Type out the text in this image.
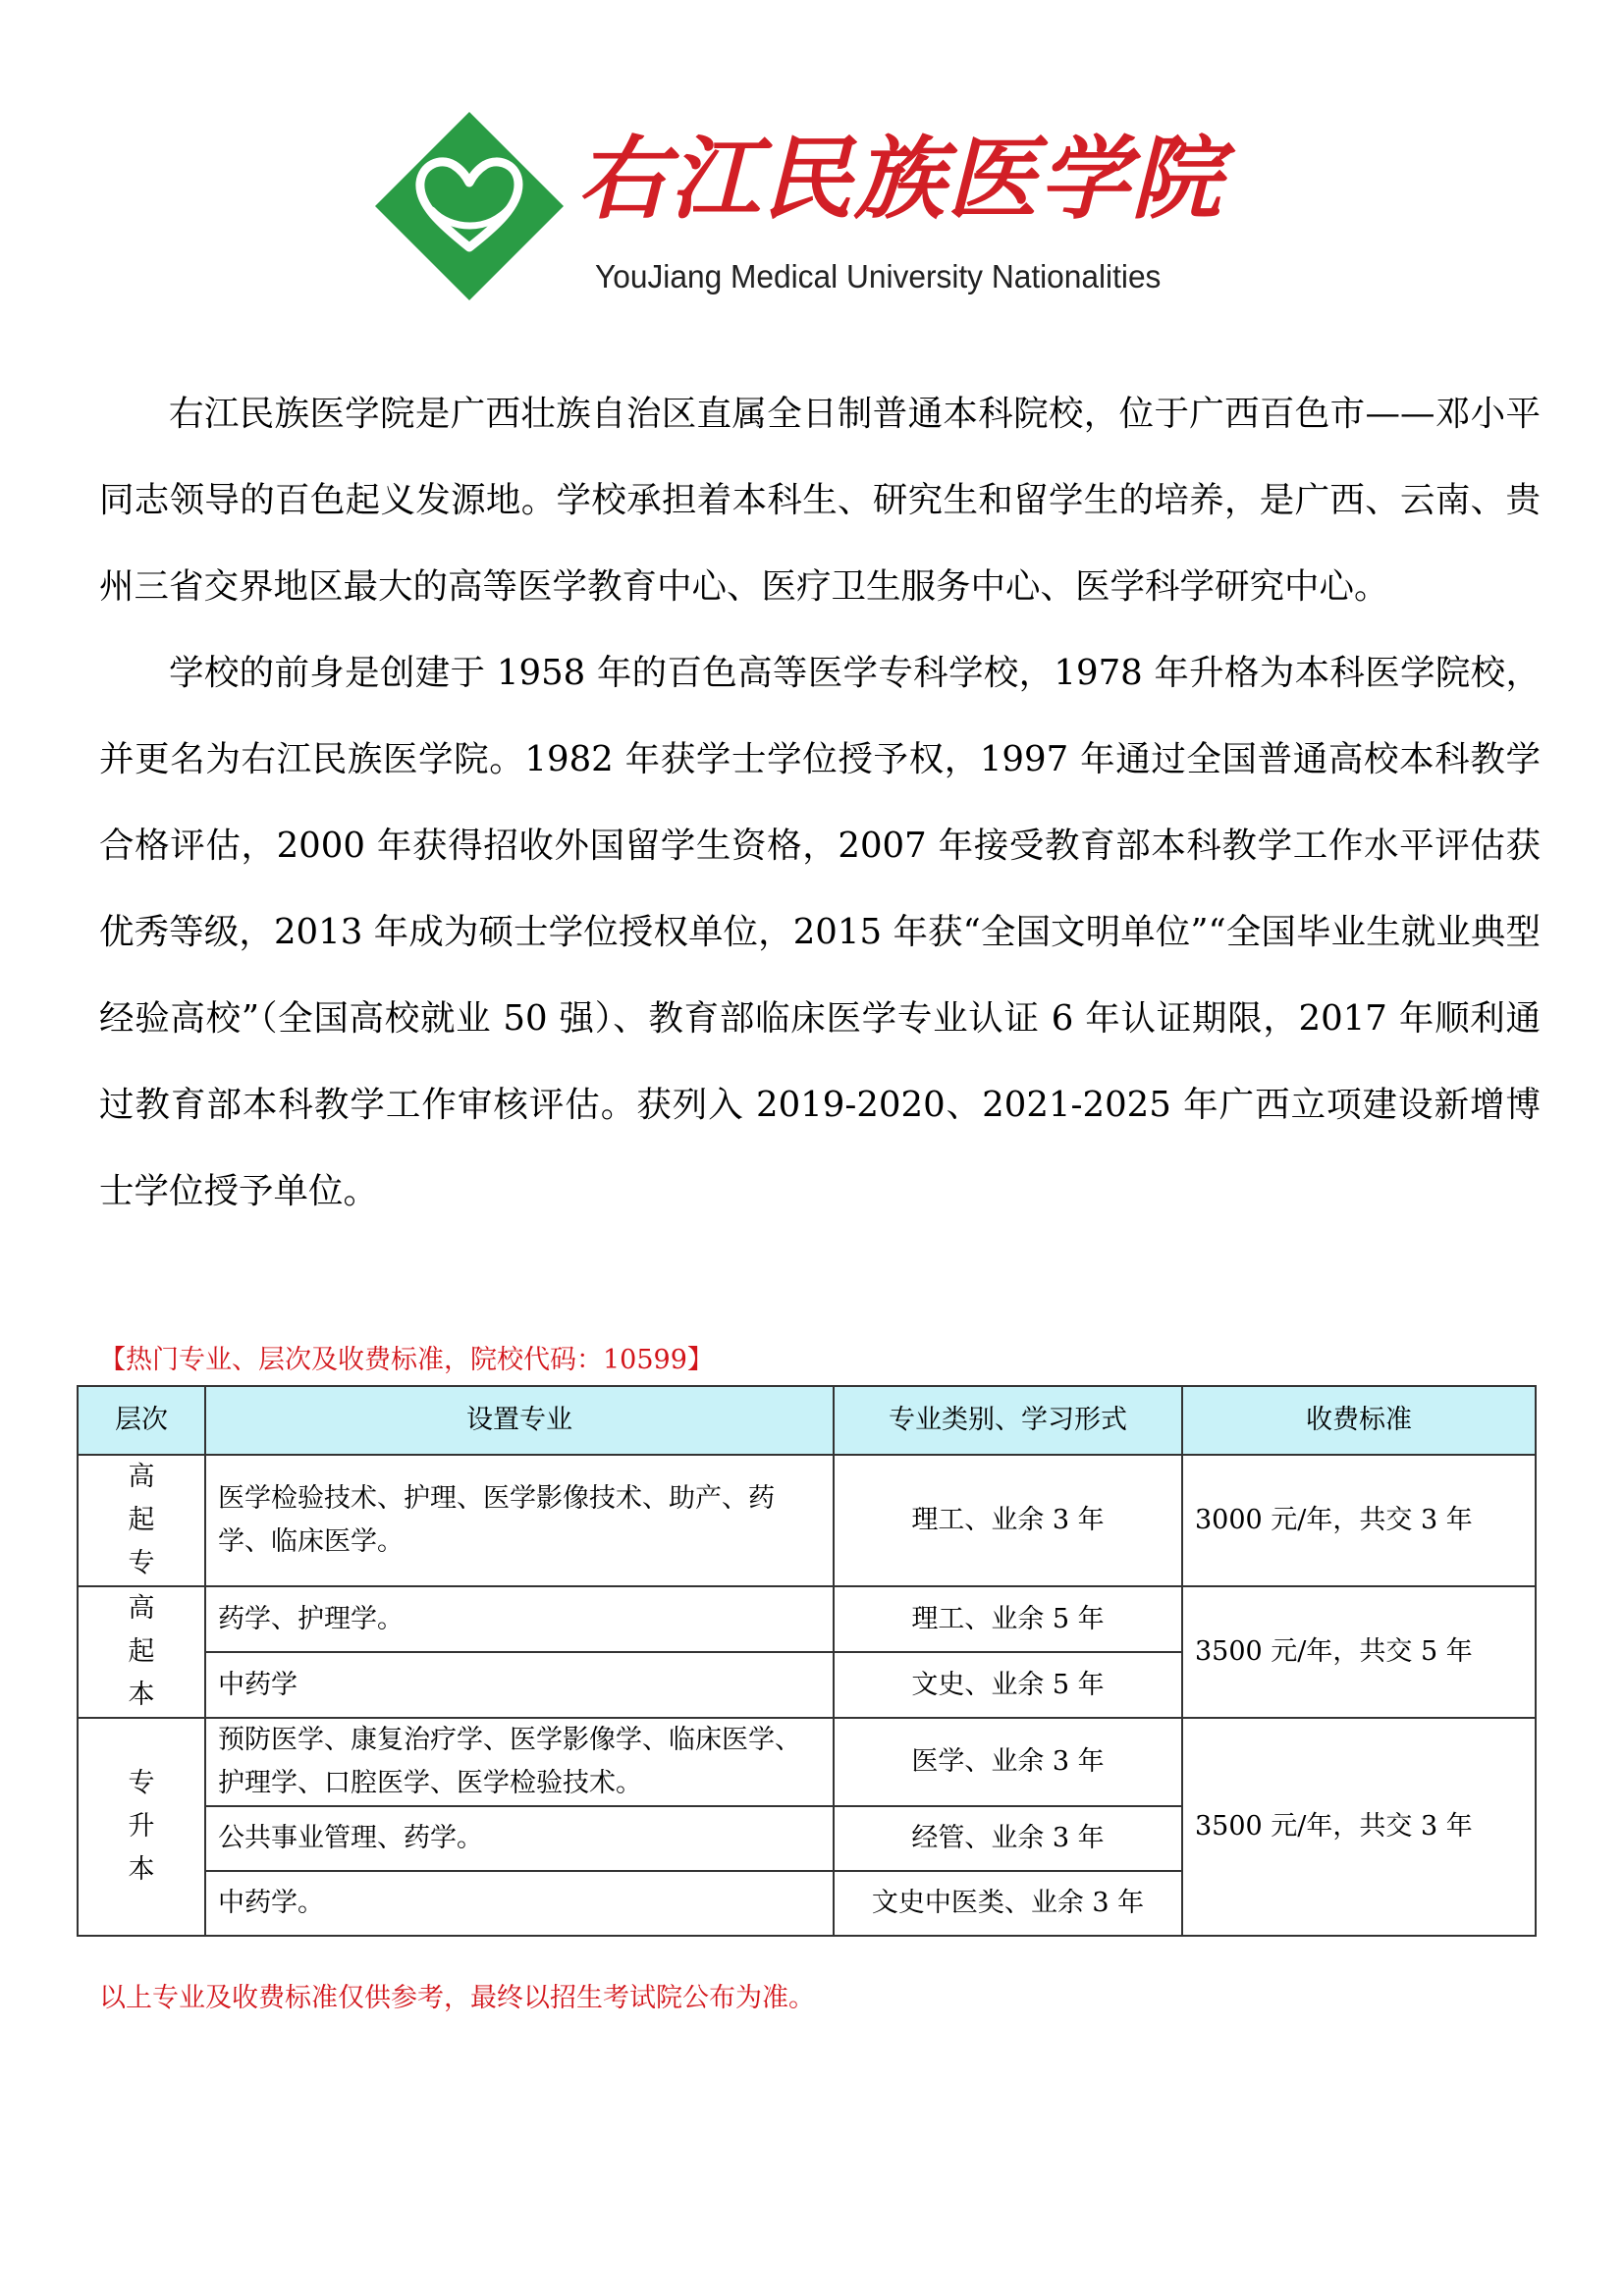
右江民族医学院
YouJiang Medical University Nationalities

右江民族医学院是广西壮族自治区直属全日制普通本科院校，位于广西百色市——邓小平同志领导的百色起义发源地。学校承担着本科生、研究生和留学生的培养，是广西、云南、贵州三省交界地区最大的高等医学教育中心、医疗卫生服务中心、医学科学研究中心。

学校的前身是创建于 1958 年的百色高等医学专科学校，1978 年升格为本科医学院校，并更名为右江民族医学院。1982 年获学士学位授予权，1997 年通过全国普通高校本科教学合格评估，2000 年获得招收外国留学生资格，2007 年接受教育部本科教学工作水平评估获优秀等级，2013 年成为硕士学位授权单位，2015 年获“全国文明单位”“全国毕业生就业典型经验高校”（全国高校就业 50 强）、教育部临床医学专业认证 6 年认证期限，2017 年顺利通过教育部本科教学工作审核评估。获列入 2019-2020、2021-2025 年广西立项建设新增博士学位授予单位。

【热门专业、层次及收费标准，院校代码：10599】
层次	设置专业	专业类别、学习形式	收费标准
高起专	医学检验技术、护理、医学影像技术、助产、药学、临床医学。	理工、业余 3 年	3000 元/年，共交 3 年
高起本	药学、护理学。	理工、业余 5 年	3500 元/年，共交 5 年
	中药学	文史、业余 5 年	
专升本	预防医学、康复治疗学、医学影像学、临床医学、护理学、口腔医学、医学检验技术。	医学、业余 3 年	3500 元/年，共交 3 年
	公共事业管理、药学。	经管、业余 3 年	
	中药学。	文史中医类、业余 3 年	
以上专业及收费标准仅供参考，最终以招生考试院公布为准。
